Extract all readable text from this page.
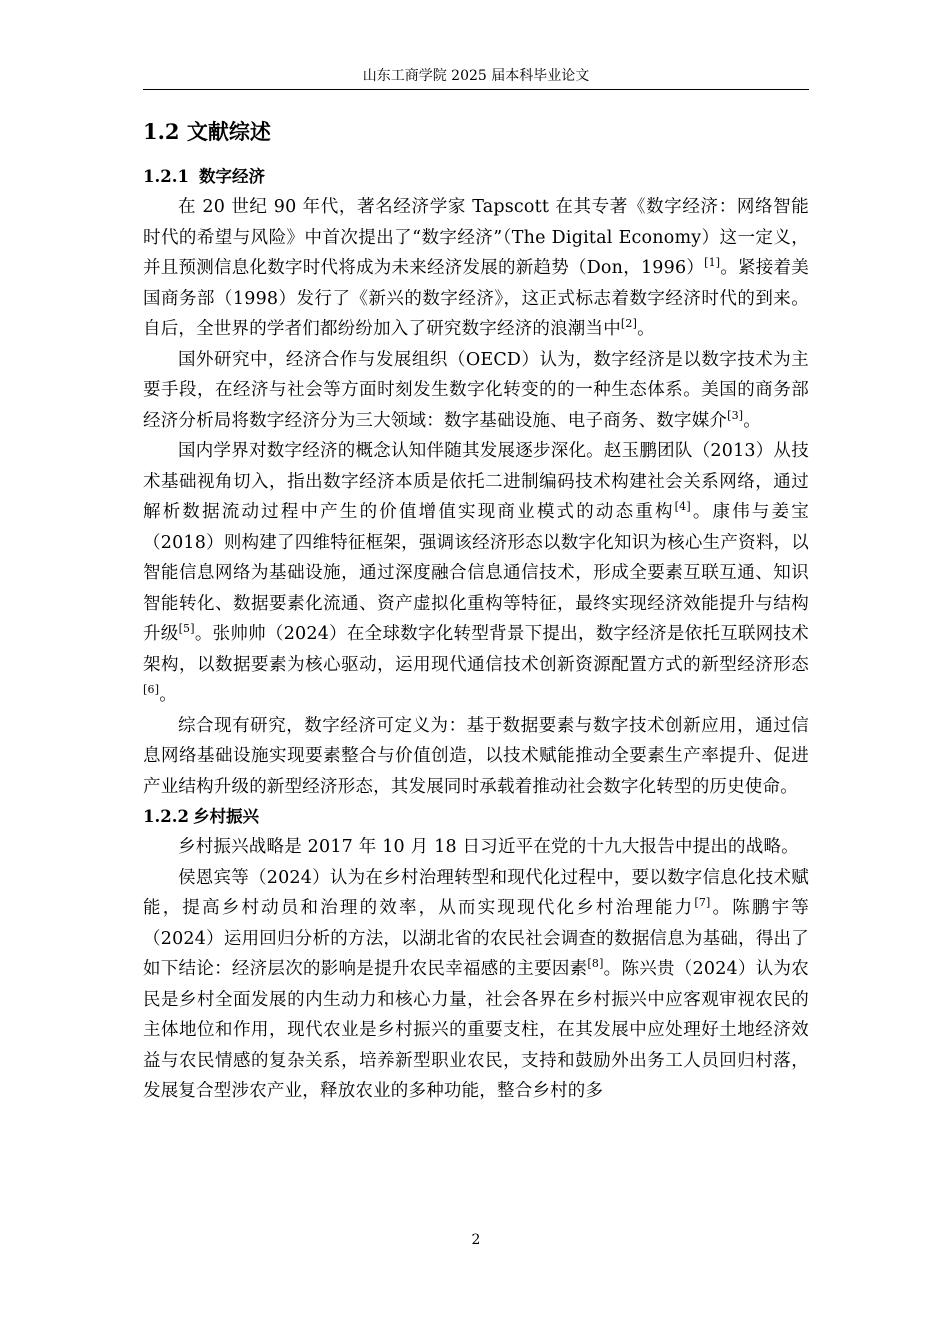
山东工商学院 2025 届本科毕业论文
1.2 文献综述
1.2.1 数字经济

在 20 世纪 90 年代，著名经济学家 Tapscott 在其专著《数字经济：网络智能时代的希望与风险》中首次提出了“数字经济”（The Digital Economy）这一定义，并且预测信息化数字时代将成为未来经济发展的新趋势（Don，1996）[1]。紧接着美国商务部（1998）发行了《新兴的数字经济》，这正式标志着数字经济时代的到来。自后，全世界的学者们都纷纷加入了研究数字经济的浪潮当中[2]。

国外研究中，经济合作与发展组织（OECD）认为，数字经济是以数字技术为主要手段，在经济与社会等方面时刻发生数字化转变的的一种生态体系。美国的商务部经济分析局将数字经济分为三大领域：数字基础设施、电子商务、数字媒介[3]。

国内学界对数字经济的概念认知伴随其发展逐步深化。赵玉鹏团队（2013）从技术基础视角切入，指出数字经济本质是依托二进制编码技术构建社会关系网络，通过解析数据流动过程中产生的价值增值实现商业模式的动态重构[4]。康伟与姜宝（2018）则构建了四维特征框架，强调该经济形态以数字化知识为核心生产资料，以智能信息网络为基础设施，通过深度融合信息通信技术，形成全要素互联互通、知识智能转化、数据要素化流通、资产虚拟化重构等特征，最终实现经济效能提升与结构升级[5]。张帅帅（2024）在全球数字化转型背景下提出，数字经济是依托互联网技术架构，以数据要素为核心驱动，运用现代通信技术创新资源配置方式的新型经济形态[6]。

综合现有研究，数字经济可定义为：基于数据要素与数字技术创新应用，通过信息网络基础设施实现要素整合与价值创造，以技术赋能推动全要素生产率提升、促进产业结构升级的新型经济形态，其发展同时承载着推动社会数字化转型的历史使命。

1.2.2 乡村振兴

乡村振兴战略是 2017 年 10 月 18 日习近平在党的十九大报告中提出的战略。

侯恩宾等（2024）认为在乡村治理转型和现代化过程中，要以数字信息化技术赋能，提高乡村动员和治理的效率，从而实现现代化乡村治理能力[7]。陈鹏宇等（2024）运用回归分析的方法，以湖北省的农民社会调查的数据信息为基础，得出了如下结论：经济层次的影响是提升农民幸福感的主要因素[8]。陈兴贵（2024）认为农民是乡村全面发展的内生动力和核心力量，社会各界在乡村振兴中应客观审视农民的主体地位和作用，现代农业是乡村振兴的重要支柱，在其发展中应处理好土地经济效益与农民情感的复杂关系，培养新型职业农民，支持和鼓励外出务工人员回归村落，发展复合型涉农产业，释放农业的多种功能，整合乡村的多

2
